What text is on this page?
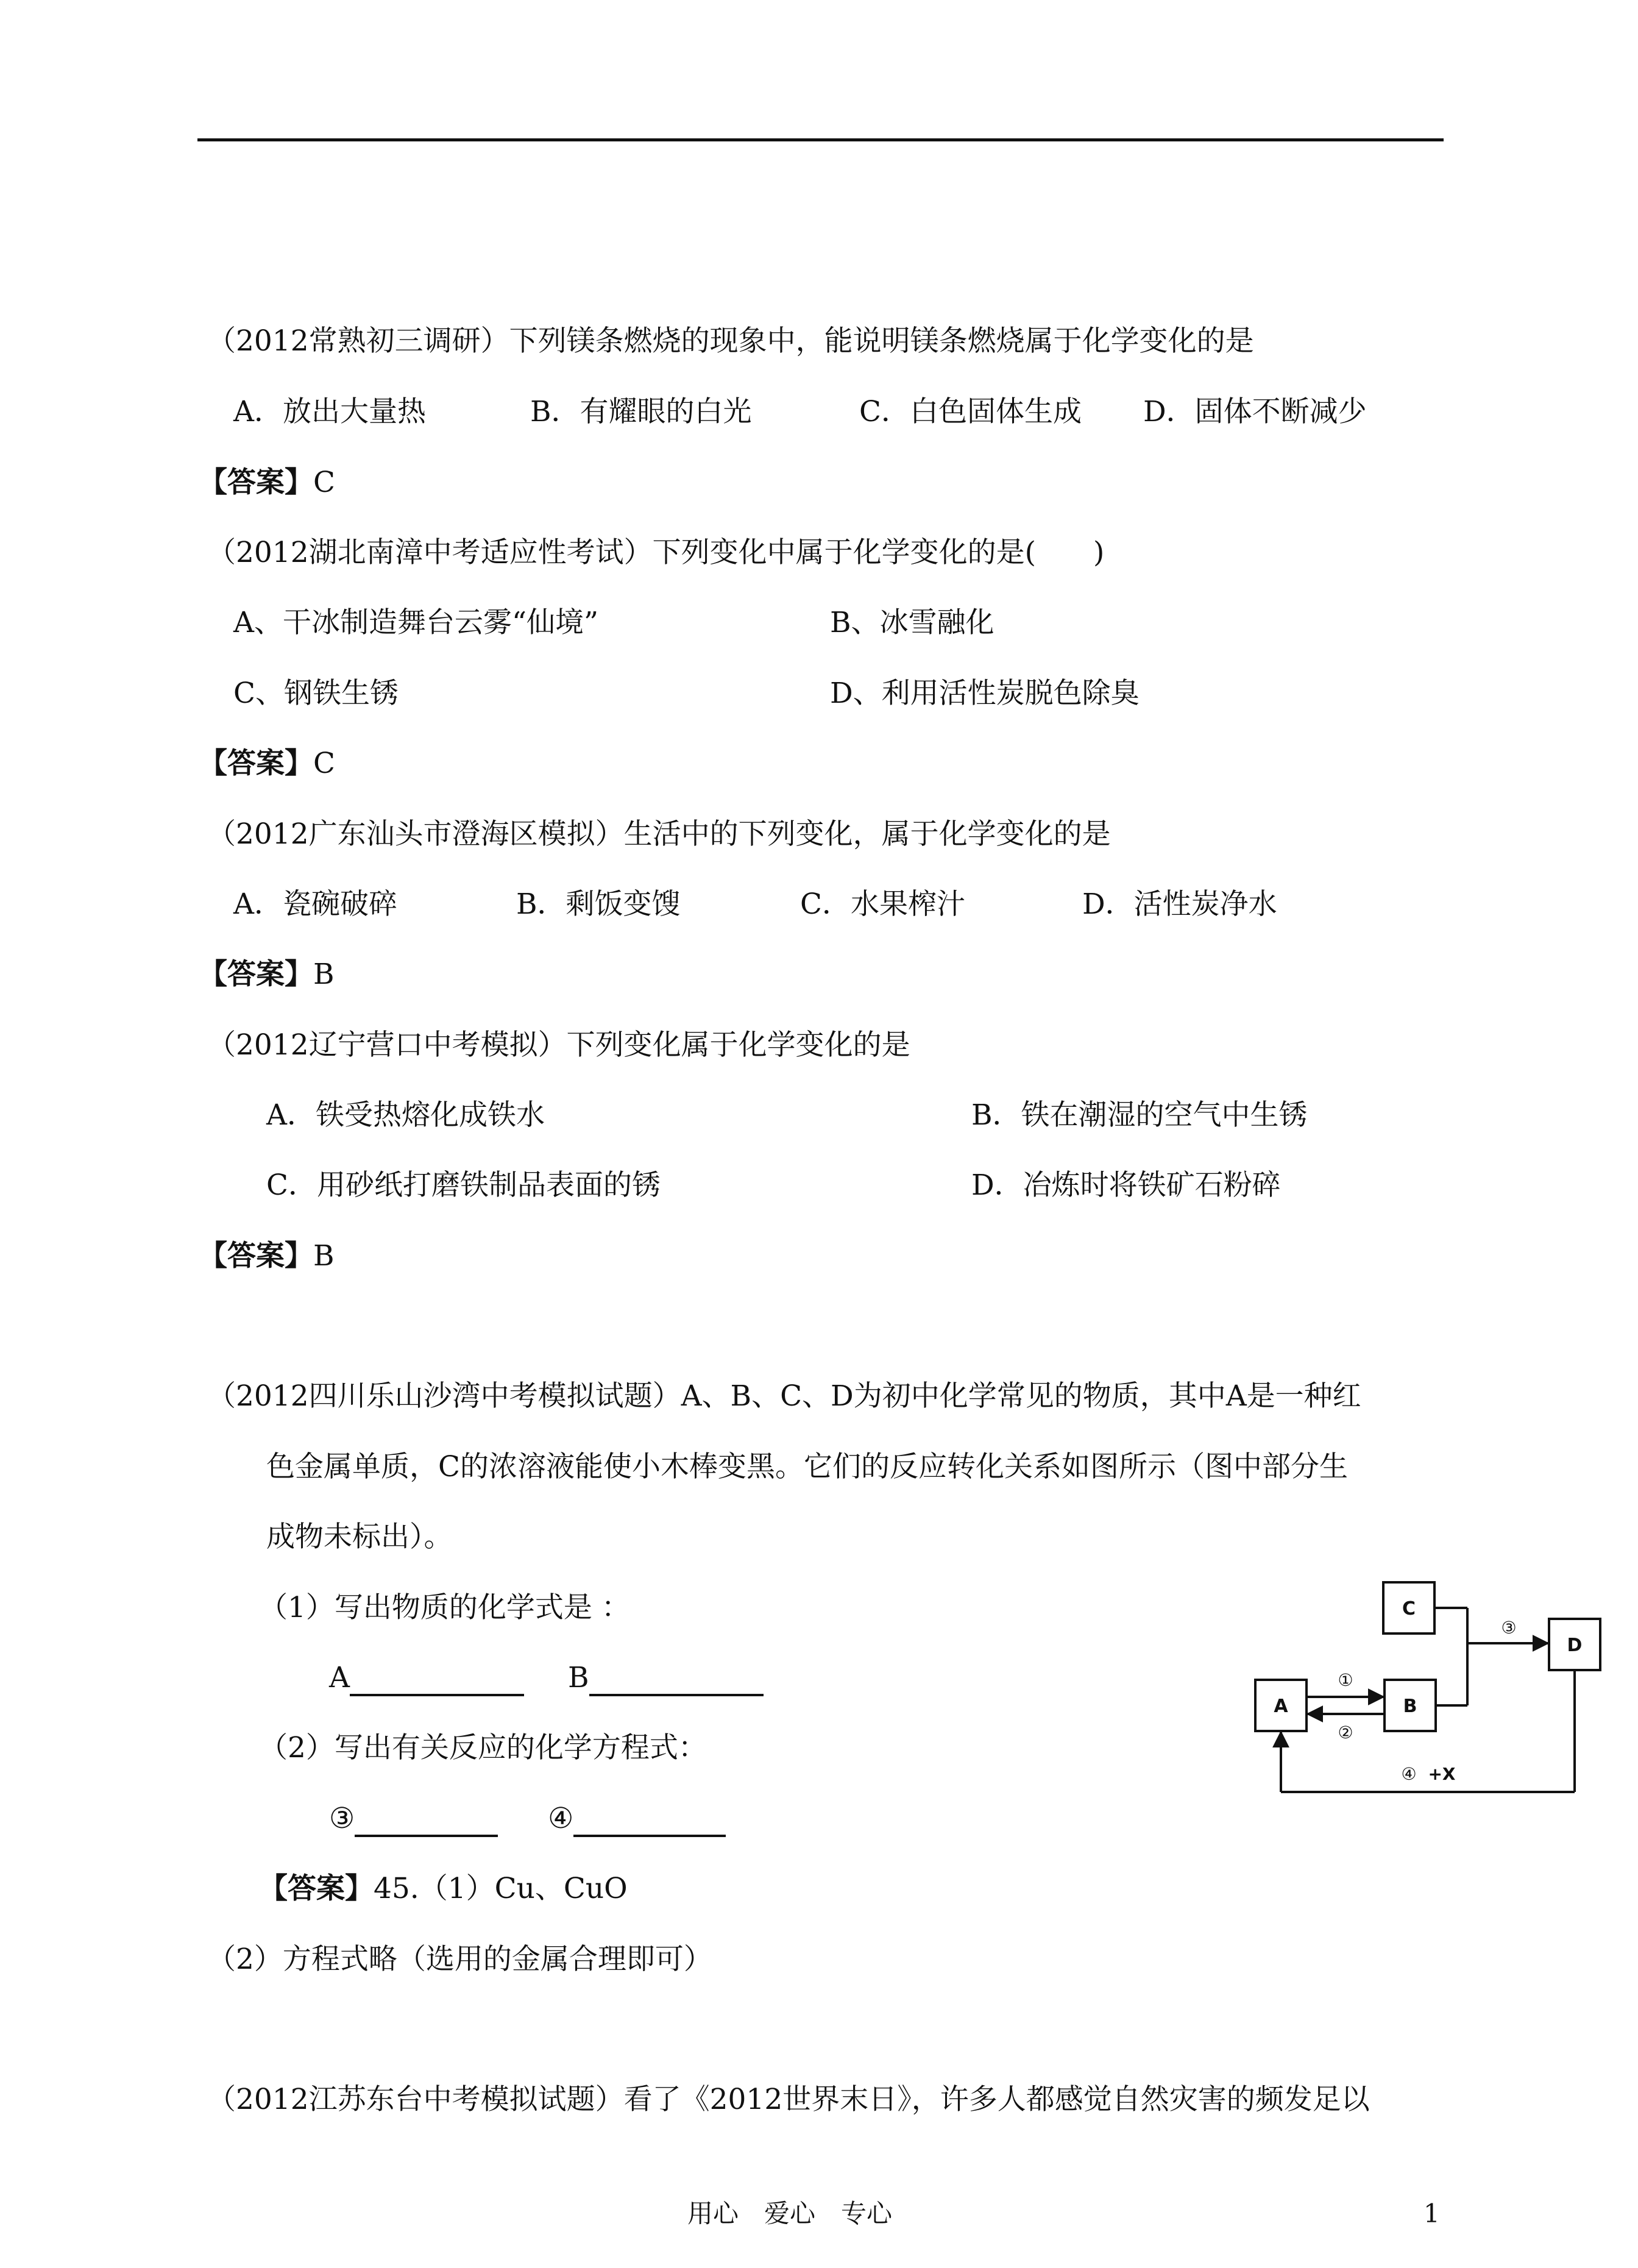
（2012常熟初三调研）下列镁条燃烧的现象中，能说明镁条燃烧属于化学变化的是
A．放出大量热	B．有耀眼的白光	C．白色固体生成 D．固体不断减少
【答案】C
（2012湖北南漳中考适应性考试）下列变化中属于化学变化的是(　　)
A、干冰制造舞台云雾“仙境”	B、冰雪融化
C、钢铁生锈	D、利用活性炭脱色除臭
【答案】C
（2012广东汕头市澄海区模拟）生活中的下列变化，属于化学变化的是
A．瓷碗破碎	B．剩饭变馊	C．水果榨汁	D．活性炭净水
【答案】B
（2012辽宁营口中考模拟）下列变化属于化学变化的是
A．铁受热熔化成铁水	B．铁在潮湿的空气中生锈
C．用砂纸打磨铁制品表面的锈	D．冶炼时将铁矿石粉碎
【答案】B
（2012四川乐山沙湾中考模拟试题）A、B、C、D为初中化学常见的物质，其中A是一种红
色金属单质，C的浓溶液能使小木棒变黑。它们的反应转化关系如图所示（图中部分生
成物未标出）。
（1）写出物质的化学式是 ：
A	B
（2）写出有关反应的化学方程式：
③	④
【答案】45.（1）Cu、CuO
（2）方程式略（选用的金属合理即可）
C
D
A	B
①
②
③
④ +X
（2012江苏东台中考模拟试题）看了《2012世界末日》，许多人都感觉自然灾害的频发足以
用心　爱心　专心	1
